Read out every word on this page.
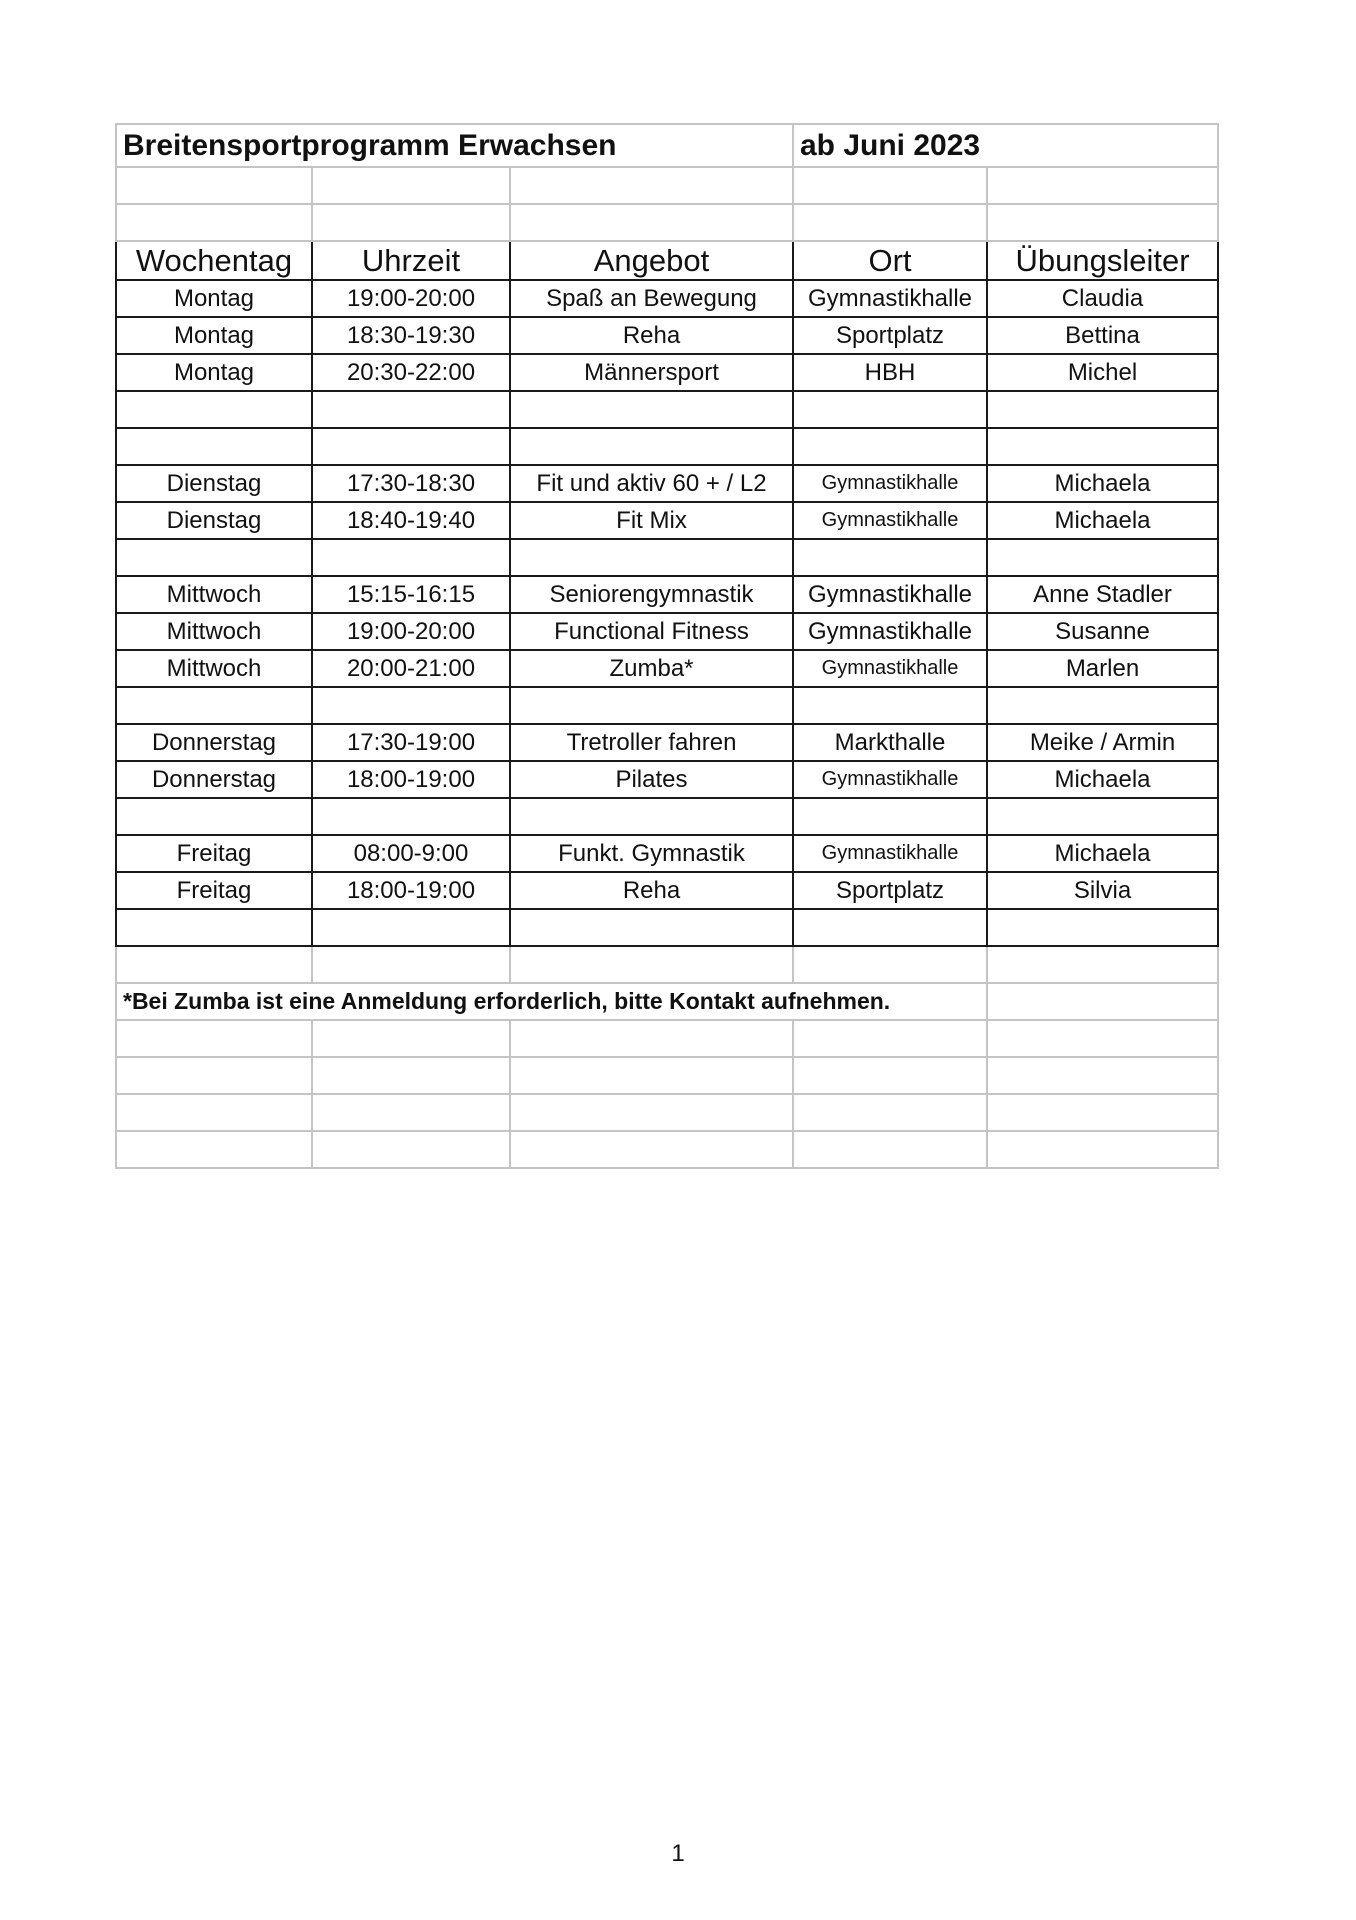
Breitensportprogramm Erwachsen			ab Juni 2023	

Wochentag	Uhrzeit	Angebot	Ort	Übungsleiter
Montag	19:00-20:00	Spaß an Bewegung	Gymnastikhalle	Claudia
Montag	18:30-19:30	Reha	Sportplatz	Bettina
Montag	20:30-22:00	Männersport	HBH	Michel

Dienstag	17:30-18:30	Fit und aktiv 60 + / L2	Gymnastikhalle	Michaela
Dienstag	18:40-19:40	Fit Mix	Gymnastikhalle	Michaela

Mittwoch	15:15-16:15	Seniorengymnastik	Gymnastikhalle	Anne Stadler
Mittwoch	19:00-20:00	Functional Fitness	Gymnastikhalle	Susanne
Mittwoch	20:00-21:00	Zumba*	Gymnastikhalle	Marlen

Donnerstag	17:30-19:00	Tretroller fahren	Markthalle	Meike / Armin
Donnerstag	18:00-19:00	Pilates	Gymnastikhalle	Michaela

Freitag	08:00-9:00	Funkt. Gymnastik	Gymnastikhalle	Michaela
Freitag	18:00-19:00	Reha	Sportplatz	Silvia

*Bei Zumba ist eine Anmeldung erforderlich, bitte Kontakt aufnehmen.				

1
